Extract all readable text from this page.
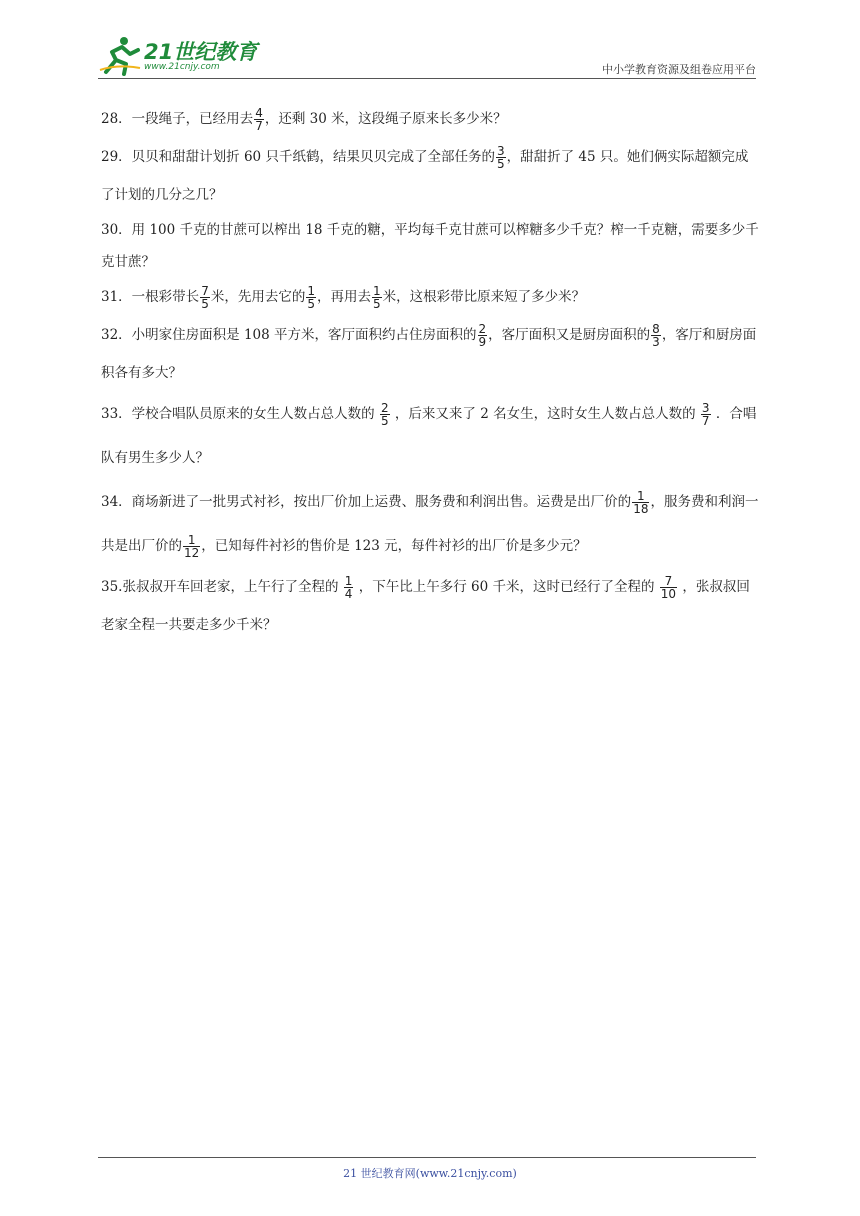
21世纪教育
www.21cnjy.com	中小学教育资源及组卷应用平台

28．一段绳子，已经用去 $\frac{4}{7}$ ，还剩 30 米，这段绳子原来长多少米？

29．贝贝和甜甜计划折 60 只千纸鹤，结果贝贝完成了全部任务的 $\frac{3}{5}$ ，甜甜折了 45 只。她们俩实际超额完成了计划的几分之几？

30．用 100 千克的甘蔗可以榨出 18 千克的糖，平均每千克甘蔗可以榨糖多少千克？榨一千克糖，需要多少千克甘蔗？

31．一根彩带长 $\frac{7}{5}$ 米，先用去它的 $\frac{1}{5}$ ，再用去 $\frac{1}{5}$ 米，这根彩带比原来短了多少米？

32．小明家住房面积是 108 平方米，客厅面积约占住房面积的 $\frac{2}{9}$ ，客厅面积又是厨房面积的 $\frac{8}{3}$ ，客厅和厨房面积各有多大？

33．学校合唱队员原来的女生人数占总人数的 $\frac{2}{5}$ ，后来又来了 2 名女生，这时女生人数占总人数的 $\frac{3}{7}$ ．合唱队有男生多少人？

34．商场新进了一批男式衬衫，按出厂价加上运费、服务费和利润出售。运费是出厂价的 $\frac{1}{18}$ ，服务费和利润一共是出厂价的 $\frac{1}{12}$ ，已知每件衬衫的售价是 123 元，每件衬衫的出厂价是多少元？

35.张叔叔开车回老家，上午行了全程的 $\frac{1}{4}$ ，下午比上午多行 60 千米，这时已经行了全程的 $\frac{7}{10}$ ，张叔叔回老家全程一共要走多少千米？

21 世纪教育网(www.21cnjy.com)
